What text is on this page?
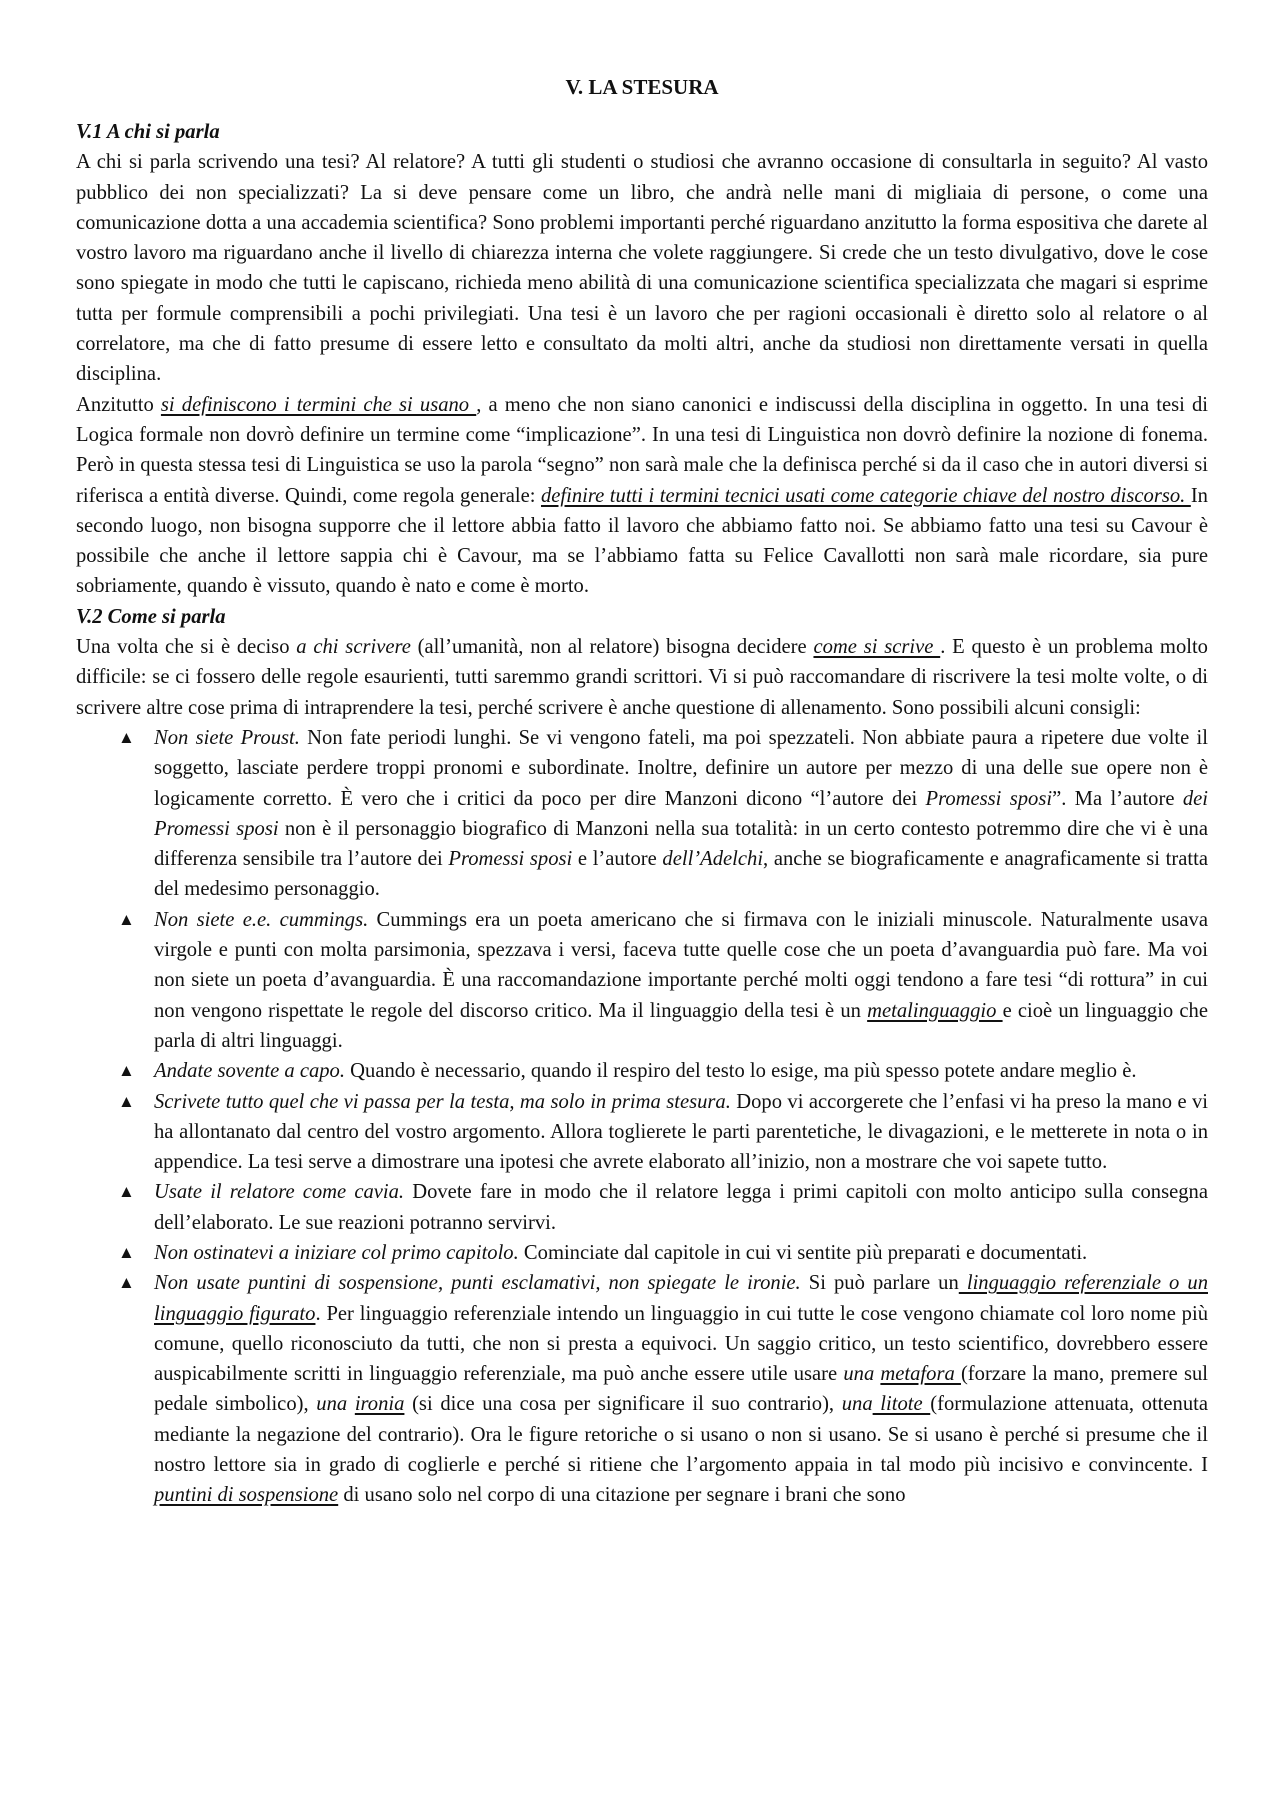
V. LA STESURA
V.1 A chi si parla

A chi si parla scrivendo una tesi? Al relatore? A tutti gli studenti o studiosi che avranno occasione di consultarla in seguito? Al vasto pubblico dei non specializzati? La si deve pensare come un libro, che andrà nelle mani di migliaia di persone, o come una comunicazione dotta a una accademia scientifica? Sono problemi importanti perché riguardano anzitutto la forma espositiva che darete al vostro lavoro ma riguardano anche il livello di chiarezza interna che volete raggiungere. Si crede che un testo divulgativo, dove le cose sono spiegate in modo che tutti le capiscano, richieda meno abilità di una comunicazione scientifica specializzata che magari si esprime tutta per formule comprensibili a pochi privilegiati. Una tesi è un lavoro che per ragioni occasionali è diretto solo al relatore o al correlatore, ma che di fatto presume di essere letto e consultato da molti altri, anche da studiosi non direttamente versati in quella disciplina.

Anzitutto si definiscono i termini che si usano , a meno che non siano canonici e indiscussi della disciplina in oggetto. In una tesi di Logica formale non dovrò definire un termine come “implicazione”. In una tesi di Linguistica non dovrò definire la nozione di fonema. Però in questa stessa tesi di Linguistica se uso la parola “segno” non sarà male che la definisca perché si da il caso che in autori diversi si riferisca a entità diverse. Quindi, come regola generale: definire tutti i termini tecnici usati come categorie chiave del nostro discorso. In secondo luogo, non bisogna supporre che il lettore abbia fatto il lavoro che abbiamo fatto noi. Se abbiamo fatto una tesi su Cavour è possibile che anche il lettore sappia chi è Cavour, ma se l’abbiamo fatta su Felice Cavallotti non sarà male ricordare, sia pure sobriamente, quando è vissuto, quando è nato e come è morto.

V.2 Come si parla

Una volta che si è deciso a chi scrivere (all’umanità, non al relatore) bisogna decidere come si scrive . E questo è un problema molto difficile: se ci fossero delle regole esaurienti, tutti saremmo grandi scrittori. Vi si può raccomandare di riscrivere la tesi molte volte, o di scrivere altre cose prima di intraprendere la tesi, perché scrivere è anche questione di allenamento. Sono possibili alcuni consigli:

▲ Non siete Proust. Non fate periodi lunghi. Se vi vengono fateli, ma poi spezzateli. Non abbiate paura a ripetere due volte il soggetto, lasciate perdere troppi pronomi e subordinate. Inoltre, definire un autore per mezzo di una delle sue opere non è logicamente corretto. È vero che i critici da poco per dire Manzoni dicono “l’autore dei Promessi sposi”. Ma l’autore dei Promessi sposi non è il personaggio biografico di Manzoni nella sua totalità: in un certo contesto potremmo dire che vi è una differenza sensibile tra l’autore dei Promessi sposi e l’autore dell’Adelchi, anche se biograficamente e anagraficamente si tratta del medesimo personaggio.
▲ Non siete e.e. cummings. Cummings era un poeta americano che si firmava con le iniziali minuscole. Naturalmente usava virgole e punti con molta parsimonia, spezzava i versi, faceva tutte quelle cose che un poeta d’avanguardia può fare. Ma voi non siete un poeta d’avanguardia. È una raccomandazione importante perché molti oggi tendono a fare tesi “di rottura” in cui non vengono rispettate le regole del discorso critico. Ma il linguaggio della tesi è un metalinguaggio e cioè un linguaggio che parla di altri linguaggi.
▲ Andate sovente a capo. Quando è necessario, quando il respiro del testo lo esige, ma più spesso potete andare meglio è.
▲ Scrivete tutto quel che vi passa per la testa, ma solo in prima stesura. Dopo vi accorgerete che l’enfasi vi ha preso la mano e vi ha allontanato dal centro del vostro argomento. Allora toglierete le parti parentetiche, le divagazioni, e le metterete in nota o in appendice. La tesi serve a dimostrare una ipotesi che avrete elaborato all’inizio, non a mostrare che voi sapete tutto.
▲ Usate il relatore come cavia. Dovete fare in modo che il relatore legga i primi capitoli con molto anticipo sulla consegna dell’elaborato. Le sue reazioni potranno servirvi.
▲ Non ostinatevi a iniziare col primo capitolo. Cominciate dal capitole in cui vi sentite più preparati e documentati.
▲ Non usate puntini di sospensione, punti esclamativi, non spiegate le ironie. Si può parlare un linguaggio referenziale o un linguaggio figurato. Per linguaggio referenziale intendo un linguaggio in cui tutte le cose vengono chiamate col loro nome più comune, quello riconosciuto da tutti, che non si presta a equivoci. Un saggio critico, un testo scientifico, dovrebbero essere auspicabilmente scritti in linguaggio referenziale, ma può anche essere utile usare una metafora (forzare la mano, premere sul pedale simbolico), una ironia (si dice una cosa per significare il suo contrario), una litote (formulazione attenuata, ottenuta mediante la negazione del contrario). Ora le figure retoriche o si usano o non si usano. Se si usano è perché si presume che il nostro lettore sia in grado di coglierle e perché si ritiene che l’argomento appaia in tal modo più incisivo e convincente. I puntini di sospensione di usano solo nel corpo di una citazione per segnare i brani che sono
